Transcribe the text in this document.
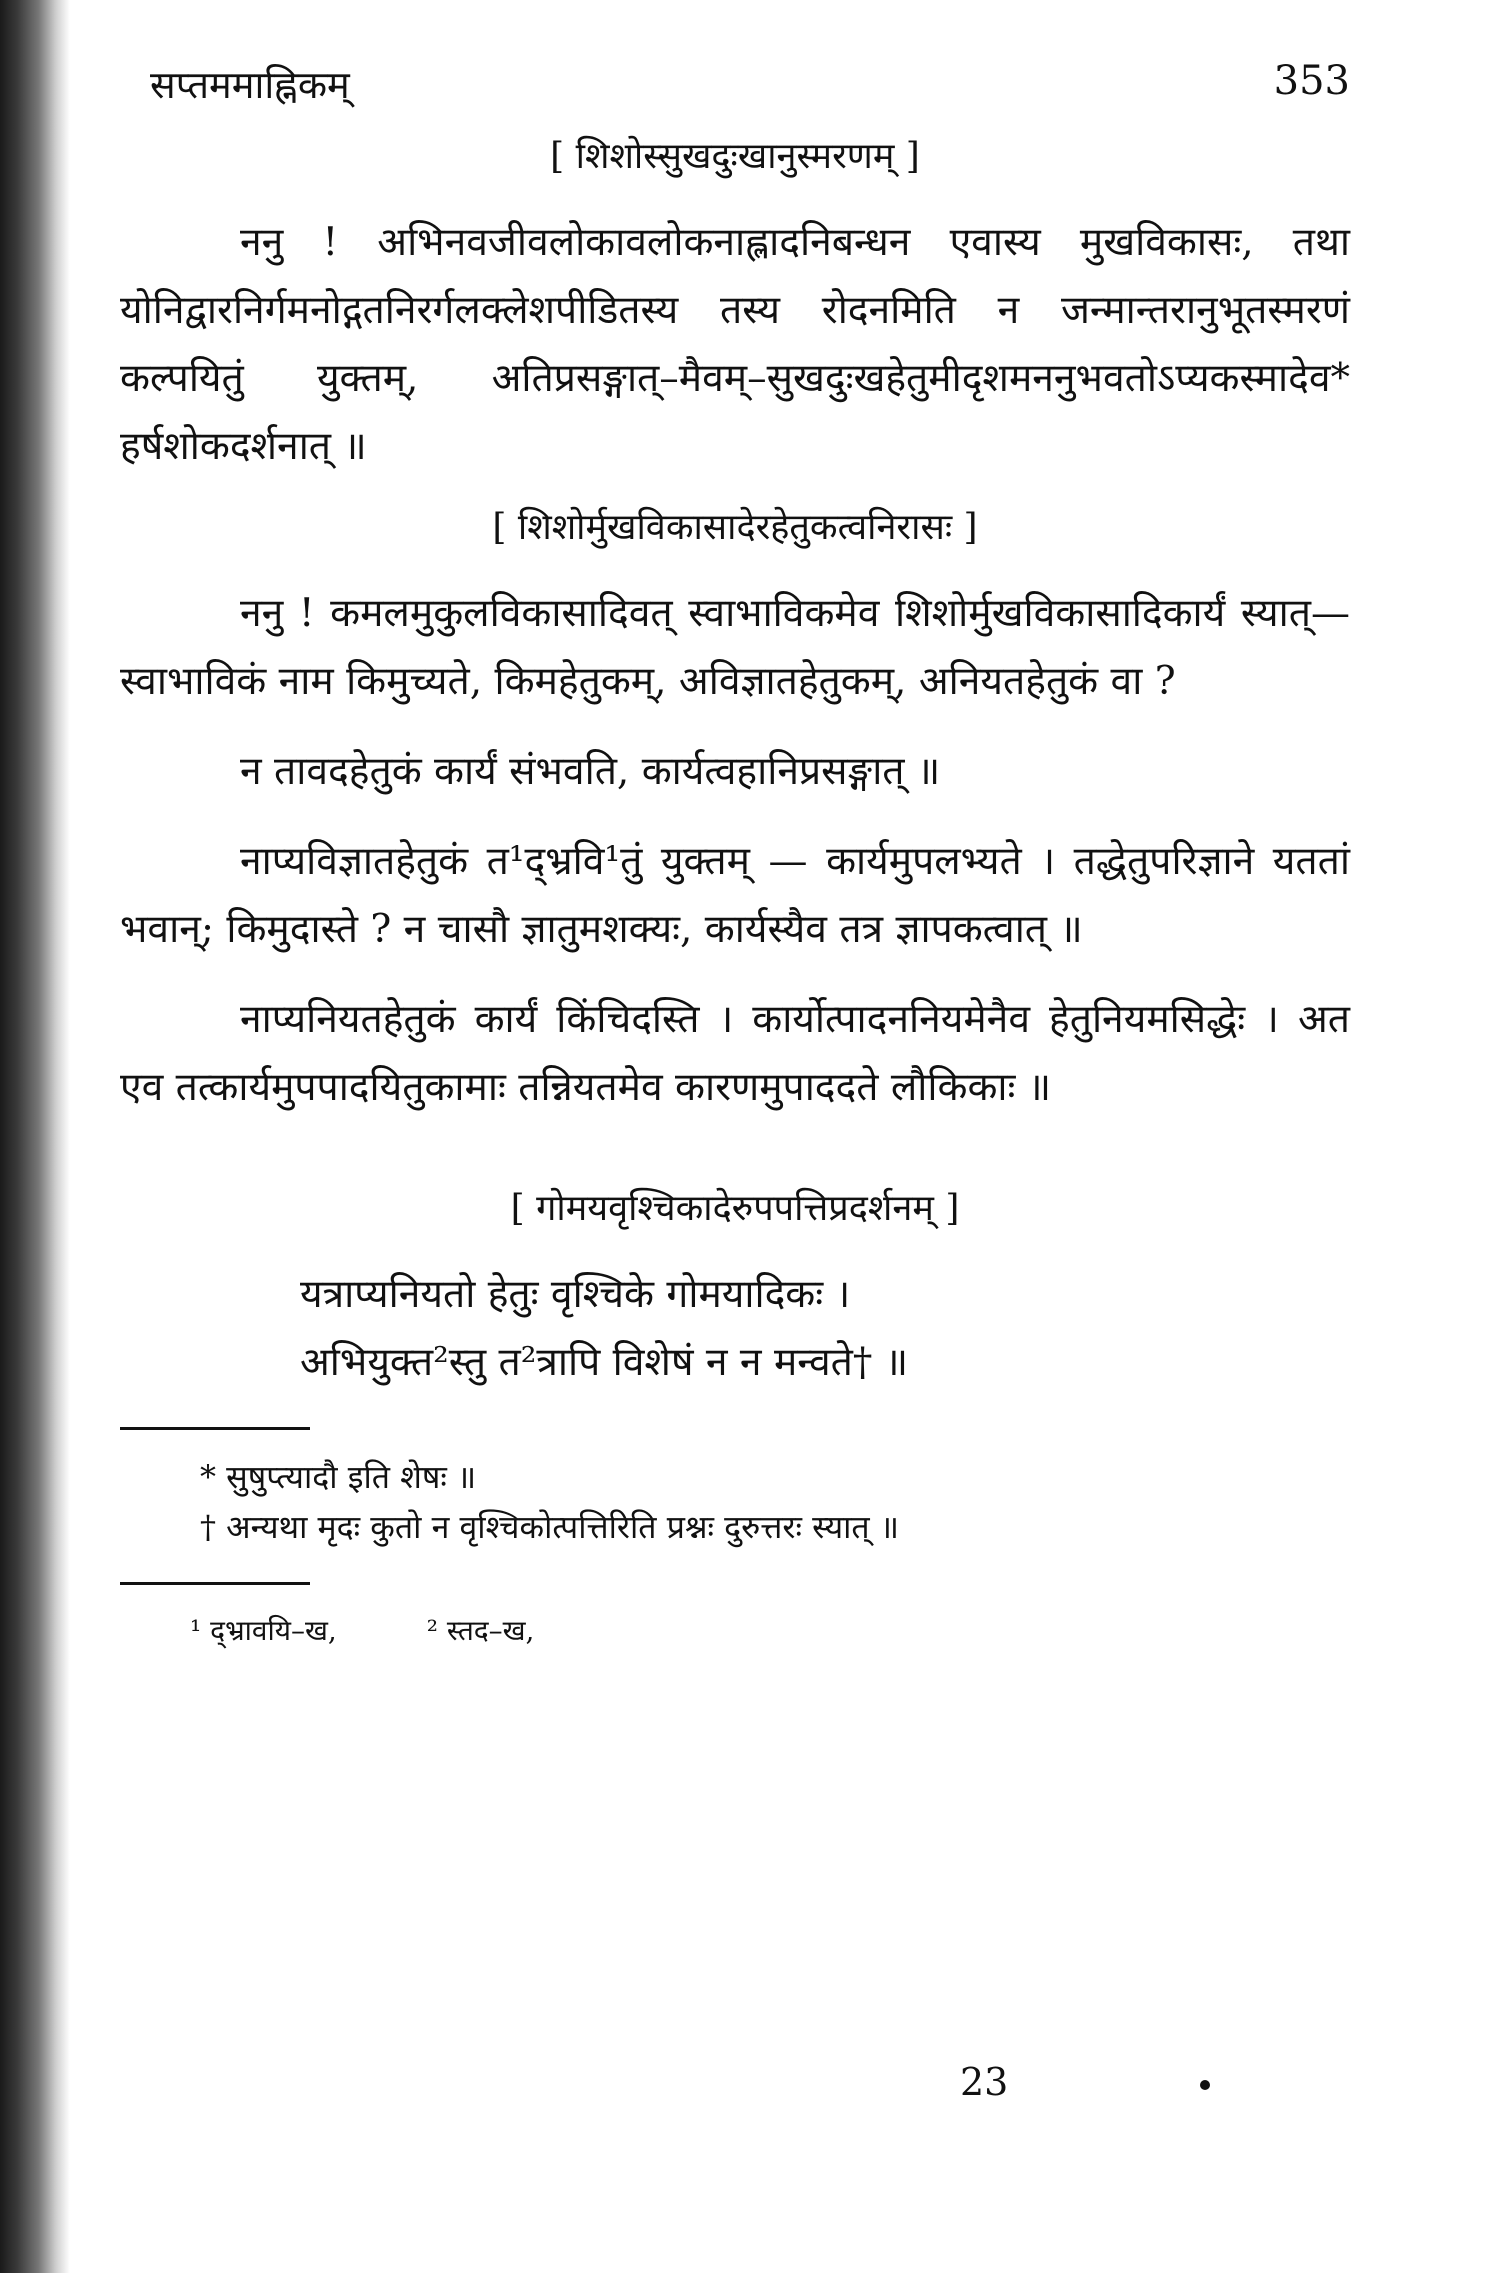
सप्तममाह्निकम्	353
[ शिशोस्सुखदुःखानुस्मरणम् ]

ननु ! अभिनवजीवलोकावलोकनाह्लादनिबन्धन एवास्य मुखविकासः, तथा योनिद्वारनिर्गमनोद्गतनिरर्गलक्लेशपीडितस्य तस्य रोदनमिति न जन्मान्तरानुभूतस्मरणं कल्पयितुं युक्तम्, अतिप्रसङ्गात्–मैवम्–सुखदुःखहेतुमीदृशमननुभवतोऽप्यकस्मादेव* हर्षशोकदर्शनात् ॥

[ शिशोर्मुखविकासादेरहेतुकत्वनिरासः ]

ननु ! कमलमुकुलविकासादिवत् स्वाभाविकमेव शिशोर्मुखविकासादिकार्यं स्यात्—स्वाभाविकं नाम किमुच्यते, किमहेतुकम्, अविज्ञातहेतुकम्, अनियतहेतुकं वा ?

न तावदहेतुकं कार्यं संभवति, कार्यत्वहानिप्रसङ्गात् ॥

नाप्यविज्ञातहेतुकं त¹द्भ्रवि¹तुं युक्तम् — कार्यमुपलभ्यते । तद्धेतुपरिज्ञाने यततां भवान्; किमुदास्ते ? न चासौ ज्ञातुमशक्यः, कार्यस्यैव तत्र ज्ञापकत्वात् ॥

नाप्यनियतहेतुकं कार्यं किंचिदस्ति । कार्योत्पादननियमेनैव हेतुनियमसिद्धेः । अत एव तत्कार्यमुपपादयितुकामाः तन्नियतमेव कारणमुपाददते लौकिकाः ॥

[ गोमयवृश्चिकादेरुपपत्तिप्रदर्शनम् ]

यत्राप्यनियतो हेतुः वृश्चिके गोमयादिकः ।

अभियुक्त²स्तु त²त्रापि विशेषं न न मन्वते† ॥

* सुषुप्त्यादौ इति शेषः ॥
† अन्यथा मृदः कुतो न वृश्चिकोत्पत्तिरिति प्रश्नः दुरुत्तरः स्यात् ॥
¹ द्भ्रावयि–ख,	² स्तद–ख,
23
